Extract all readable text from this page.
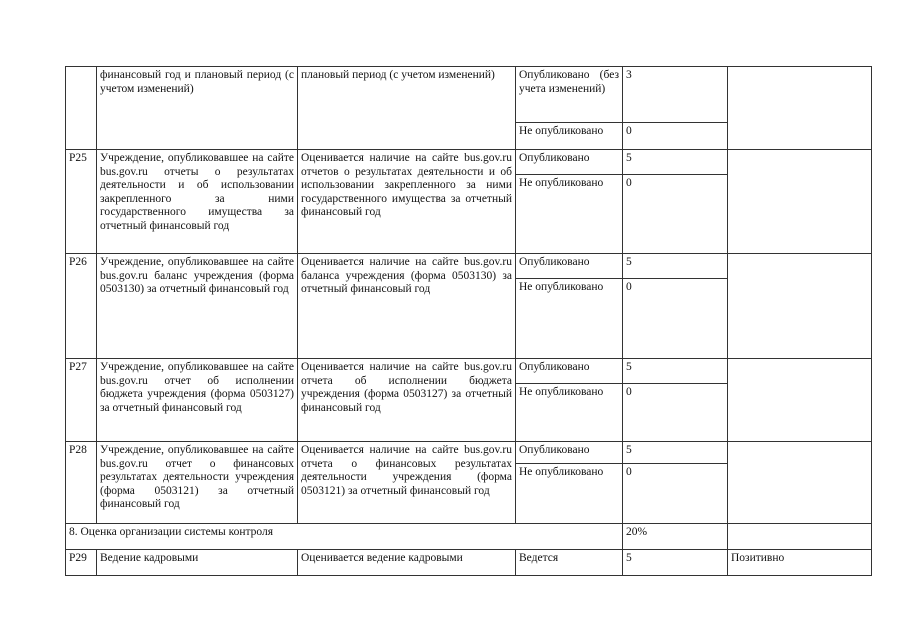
	финансовый год и плановый период (с учетом изменений)	плановый период (с учетом изменений)	Опубликовано (без учета изменений)	3	
			Не опубликовано	0	
P25	Учреждение, опубликовавшее на сайте bus.gov.ru отчеты о результатах деятельности и об использовании закрепленного за ними государственного имущества за отчетный финансовый год	Оценивается наличие на сайте bus.gov.ru отчетов о результатах деятельности и об использовании закрепленного за ними государственного имущества за отчетный финансовый год	Опубликовано	5	
			Не опубликовано	0	
P26	Учреждение, опубликовавшее на сайте bus.gov.ru баланс учреждения (форма 0503130) за отчетный финансовый год	Оценивается наличие на сайте bus.gov.ru баланса учреждения (форма 0503130) за отчетный финансовый год	Опубликовано	5	
			Не опубликовано	0	
P27	Учреждение, опубликовавшее на сайте bus.gov.ru отчет об исполнении бюджета учреждения (форма 0503127) за отчетный финансовый год	Оценивается наличие на сайте bus.gov.ru отчета об исполнении бюджета учреждения (форма 0503127) за отчетный финансовый год	Опубликовано	5	
			Не опубликовано	0	
P28	Учреждение, опубликовавшее на сайте bus.gov.ru отчет о финансовых результатах деятельности учреждения (форма 0503121) за отчетный финансовый год	Оценивается наличие на сайте bus.gov.ru отчета о финансовых результатах деятельности учреждения (форма 0503121) за отчетный финансовый год	Опубликовано	5	
			Не опубликовано	0	
8. Оценка организации системы контроля				20%	
P29	Ведение кадровыми	Оценивается ведение кадровыми	Ведется	5	Позитивно
